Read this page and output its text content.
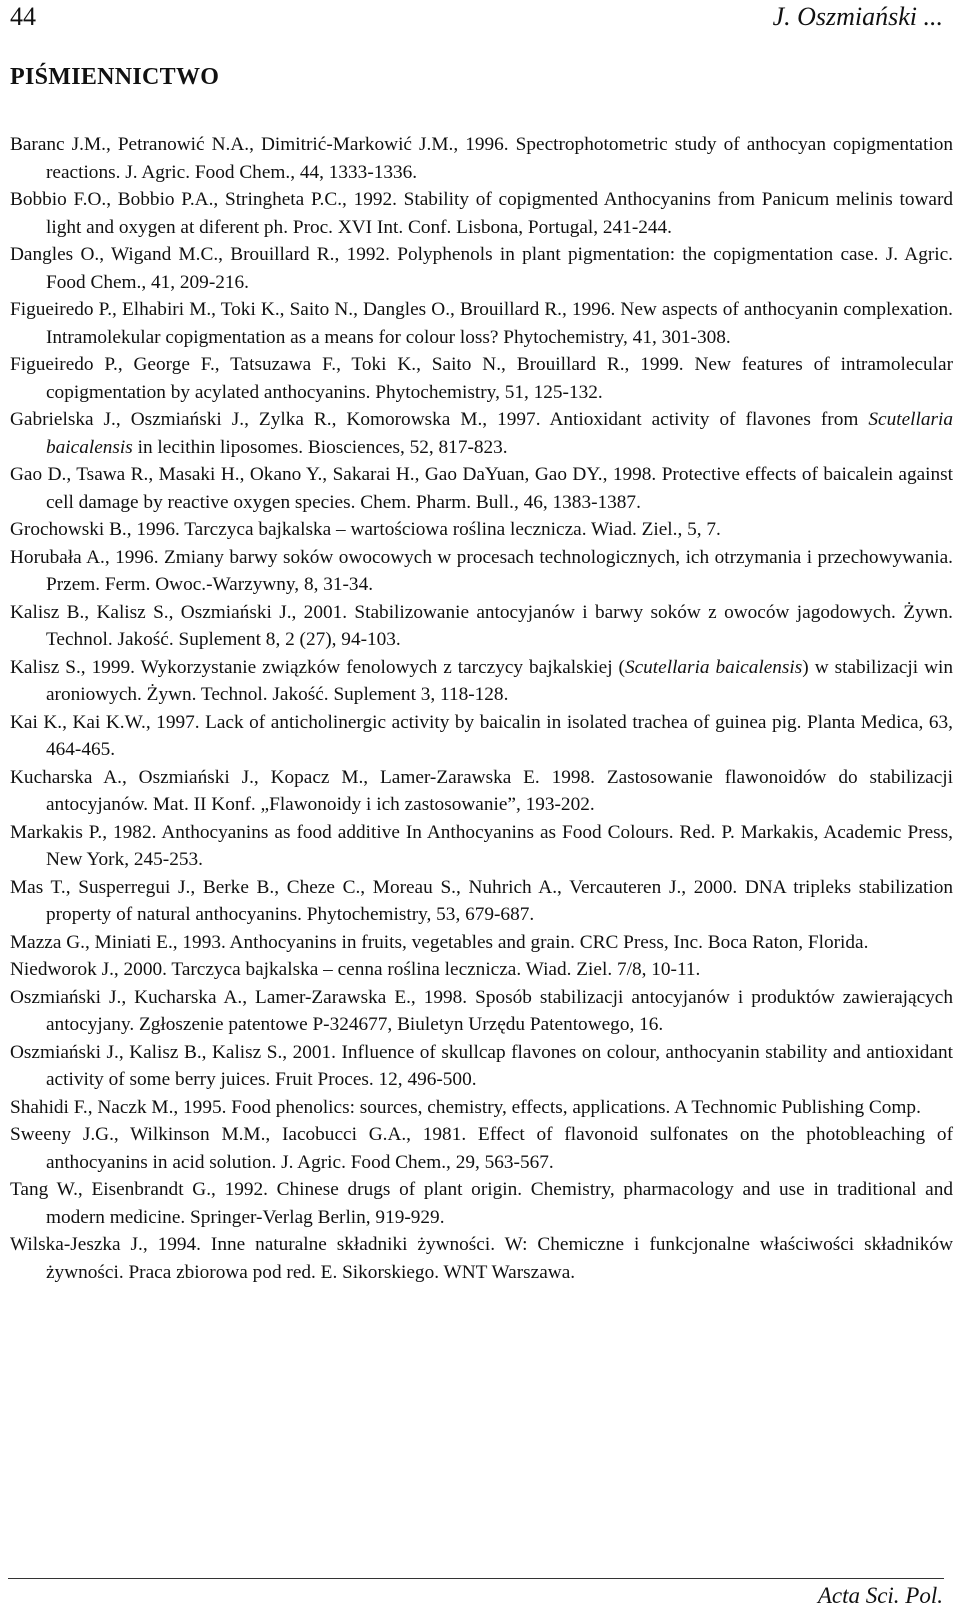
44	J. Oszmiański ...
PIŚMIENNICTWO
Baranc J.M., Petranowić N.A., Dimitrić-Markowić J.M., 1996. Spectrophotometric study of anthocyan copigmentation reactions. J. Agric. Food Chem., 44, 1333-1336.
Bobbio F.O., Bobbio P.A., Stringheta P.C., 1992. Stability of copigmented Anthocyanins from Panicum melinis toward light and oxygen at diferent ph. Proc. XVI Int. Conf. Lisbona, Portugal, 241-244.
Dangles O., Wigand M.C., Brouillard R., 1992. Polyphenols in plant pigmentation: the copigmentation case. J. Agric. Food Chem., 41, 209-216.
Figueiredo P., Elhabiri M., Toki K., Saito N., Dangles O., Brouillard R., 1996. New aspects of anthocyanin complexation. Intramolekular copigmentation as a means for colour loss? Phytochemistry, 41, 301-308.
Figueiredo P., George F., Tatsuzawa F., Toki K., Saito N., Brouillard R., 1999. New features of intramolecular copigmentation by acylated anthocyanins. Phytochemistry, 51, 125-132.
Gabrielska J., Oszmiański J., Zylka R., Komorowska M., 1997. Antioxidant activity of flavones from Scutellaria baicalensis in lecithin liposomes. Biosciences, 52, 817-823.
Gao D., Tsawa R., Masaki H., Okano Y., Sakarai H., Gao DaYuan, Gao DY., 1998. Protective effects of baicalein against cell damage by reactive oxygen species. Chem. Pharm. Bull., 46, 1383-1387.
Grochowski B., 1996. Tarczyca bajkalska – wartościowa roślina lecznicza. Wiad. Ziel., 5, 7.
Horubała A., 1996. Zmiany barwy soków owocowych w procesach technologicznych, ich otrzymania i przechowywania. Przem. Ferm. Owoc.-Warzywny, 8, 31-34.
Kalisz B., Kalisz S., Oszmiański J., 2001. Stabilizowanie antocyjanów i barwy soków z owoców jagodowych. Żywn. Technol. Jakość. Suplement 8, 2 (27), 94-103.
Kalisz S., 1999. Wykorzystanie związków fenolowych z tarczycy bajkalskiej (Scutellaria baicalensis) w stabilizacji win aroniowych. Żywn. Technol. Jakość. Suplement 3, 118-128.
Kai K., Kai K.W., 1997. Lack of anticholinergic activity by baicalin in isolated trachea of guinea pig. Planta Medica, 63, 464-465.
Kucharska A., Oszmiański J., Kopacz M., Lamer-Zarawska E. 1998. Zastosowanie flawonoidów do stabilizacji antocyjanów. Mat. II Konf. „Flawonoidy i ich zastosowanie”, 193-202.
Markakis P., 1982. Anthocyanins as food additive In Anthocyanins as Food Colours. Red. P. Markakis, Academic Press, New York, 245-253.
Mas T., Susperregui J., Berke B., Cheze C., Moreau S., Nuhrich A., Vercauteren J., 2000. DNA tripleks stabilization property of natural anthocyanins. Phytochemistry, 53, 679-687.
Mazza G., Miniati E., 1993. Anthocyanins in fruits, vegetables and grain. CRC Press, Inc. Boca Raton, Florida.
Niedworok J., 2000. Tarczyca bajkalska – cenna roślina lecznicza. Wiad. Ziel. 7/8, 10-11.
Oszmiański J., Kucharska A., Lamer-Zarawska E., 1998. Sposób stabilizacji antocyjanów i produktów zawierających antocyjany. Zgłoszenie patentowe P-324677, Biuletyn Urzędu Patentowego, 16.
Oszmiański J., Kalisz B., Kalisz S., 2001. Influence of skullcap flavones on colour, anthocyanin stability and antioxidant activity of some berry juices. Fruit Proces. 12, 496-500.
Shahidi F., Naczk M., 1995. Food phenolics: sources, chemistry, effects, applications. A Technomic Publishing Comp.
Sweeny J.G., Wilkinson M.M., Iacobucci G.A., 1981. Effect of flavonoid sulfonates on the photobleaching of anthocyanins in acid solution. J. Agric. Food Chem., 29, 563-567.
Tang W., Eisenbrandt G., 1992. Chinese drugs of plant origin. Chemistry, pharmacology and use in traditional and modern medicine. Springer-Verlag Berlin, 919-929.
Wilska-Jeszka J., 1994. Inne naturalne składniki żywności. W: Chemiczne i funkcjonalne właściwości składników żywności. Praca zbiorowa pod red. E. Sikorskiego. WNT Warszawa.
Acta Sci. Pol.
